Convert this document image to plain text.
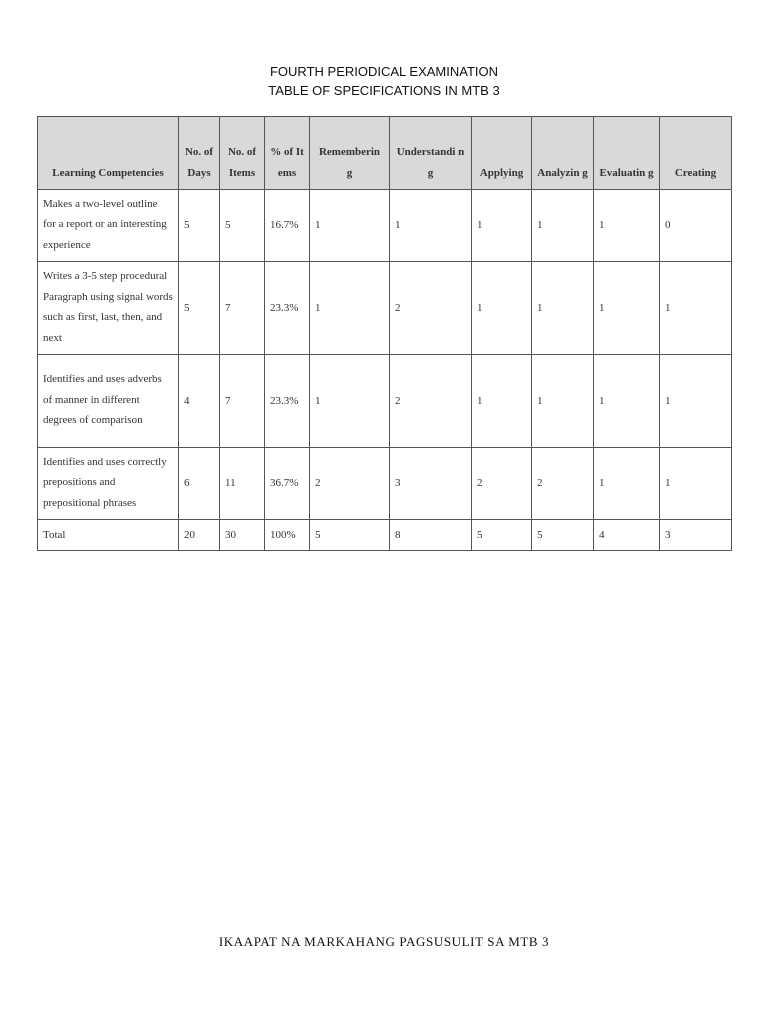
FOURTH PERIODICAL EXAMINATION
TABLE OF SPECIFICATIONS IN MTB 3
Learning Competencies	No. of Days	No. of Items	% of Items	Rememberin g	Understandi ng	Applying	Analyzin g	Evaluatin g	Creating
Makes a two-level outline for a report or an interesting experience	5	5	16.7%	1	1	1	1	1	0
Writes a 3-5 step procedural Paragraph using signal words such as first, last, then, and next	5	7	23.3%	1	2	1	1	1	1
Identifies and uses adverbs of manner in different degrees of comparison	4	7	23.3%	1	2	1	1	1	1
Identifies and uses correctly prepositions and prepositional phrases	6	11	36.7%	2	3	2	2	1	1
Total	20	30	100%	5	8	5	5	4	3
IKAAPAT NA MARKAHANG PAGSUSULIT SA MTB 3
